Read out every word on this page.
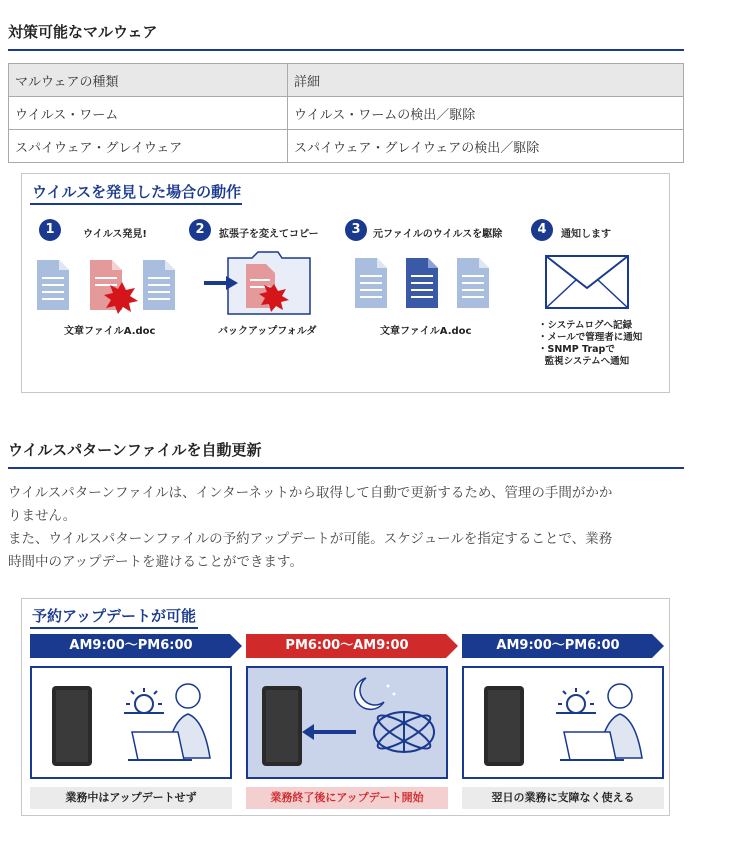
対策可能なマルウェア
マルウェアの種類	詳細
ウイルス・ワーム	ウイルス・ワームの検出／駆除
スパイウェア・グレイウェア	スパイウェア・グレイウェアの検出／駆除
ウイルスを発見した場合の動作
1	ウイルス発見!
文章ファイルA.doc
2	拡張子を変えてコピー
バックアップフォルダ
3	元ファイルのウイルスを駆除
文章ファイルA.doc
4	通知します
・システムログへ記録
・メールで管理者に通知
・SNMP Trapで
監視システムへ通知
ウイルスパターンファイルを自動更新
ウイルスパターンファイルは、インターネットから取得して自動で更新するため、管理の手間がかか
りません。
また、ウイルスパターンファイルの予約アップデートが可能。スケジュールを指定することで、業務
時間中のアップデートを避けることができます。
予約アップデートが可能
AM9:00〜PM6:00
業務中はアップデートせず
PM6:00〜AM9:00
業務終了後にアップデート開始
AM9:00〜PM6:00
翌日の業務に支障なく使える
